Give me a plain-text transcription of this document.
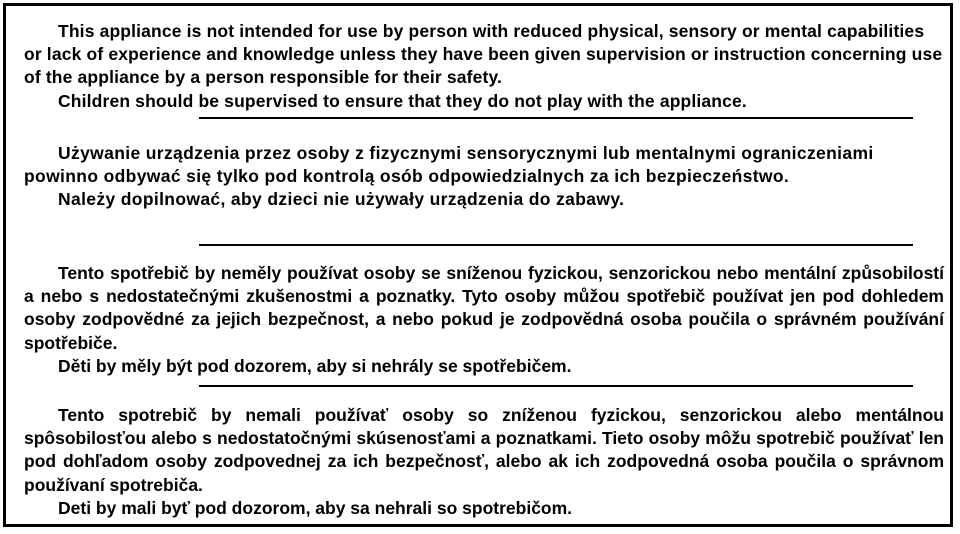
This appliance is not intended for use by person with reduced physical, sensory or mental capabilities or lack of experience and knowledge unless they have been given supervision or instruction concerning use of the appliance by a person responsible for their safety.

Children should be supervised to ensure that they do not play with the appliance.

Używanie urządzenia przez osoby z fizycznymi sensorycznymi lub mentalnymi ograniczeniami powinno odbywać się tylko pod kontrolą osób odpowiedzialnych za ich bezpieczeństwo.

Należy dopilnować, aby dzieci nie używały urządzenia do zabawy.

Tento spotřebič by neměly používat osoby se sníženou fyzickou, senzorickou nebo mentální způsobilostí a nebo s nedostatečnými zkušenostmi a poznatky. Tyto osoby můžou spotřebič používat jen pod dohledem osoby zodpovědné za jejich bezpečnost, a nebo pokud je zodpovědná osoba poučila o správném používání spotřebiče.

Děti by měly být pod dozorem, aby si nehrály se spotřebičem.

Tento spotrebič by nemali používať osoby so zníženou fyzickou, senzorickou alebo mentálnou spôsobilosťou alebo s nedostatočnými skúsenosťami a poznatkami. Tieto osoby môžu spotrebič používať len pod dohľadom osoby zodpovednej za ich bezpečnosť, alebo ak ich zodpovedná osoba poučila o správnom používaní spotrebiča.

Deti by mali byť pod dozorom, aby sa nehrali so spotrebičom.
